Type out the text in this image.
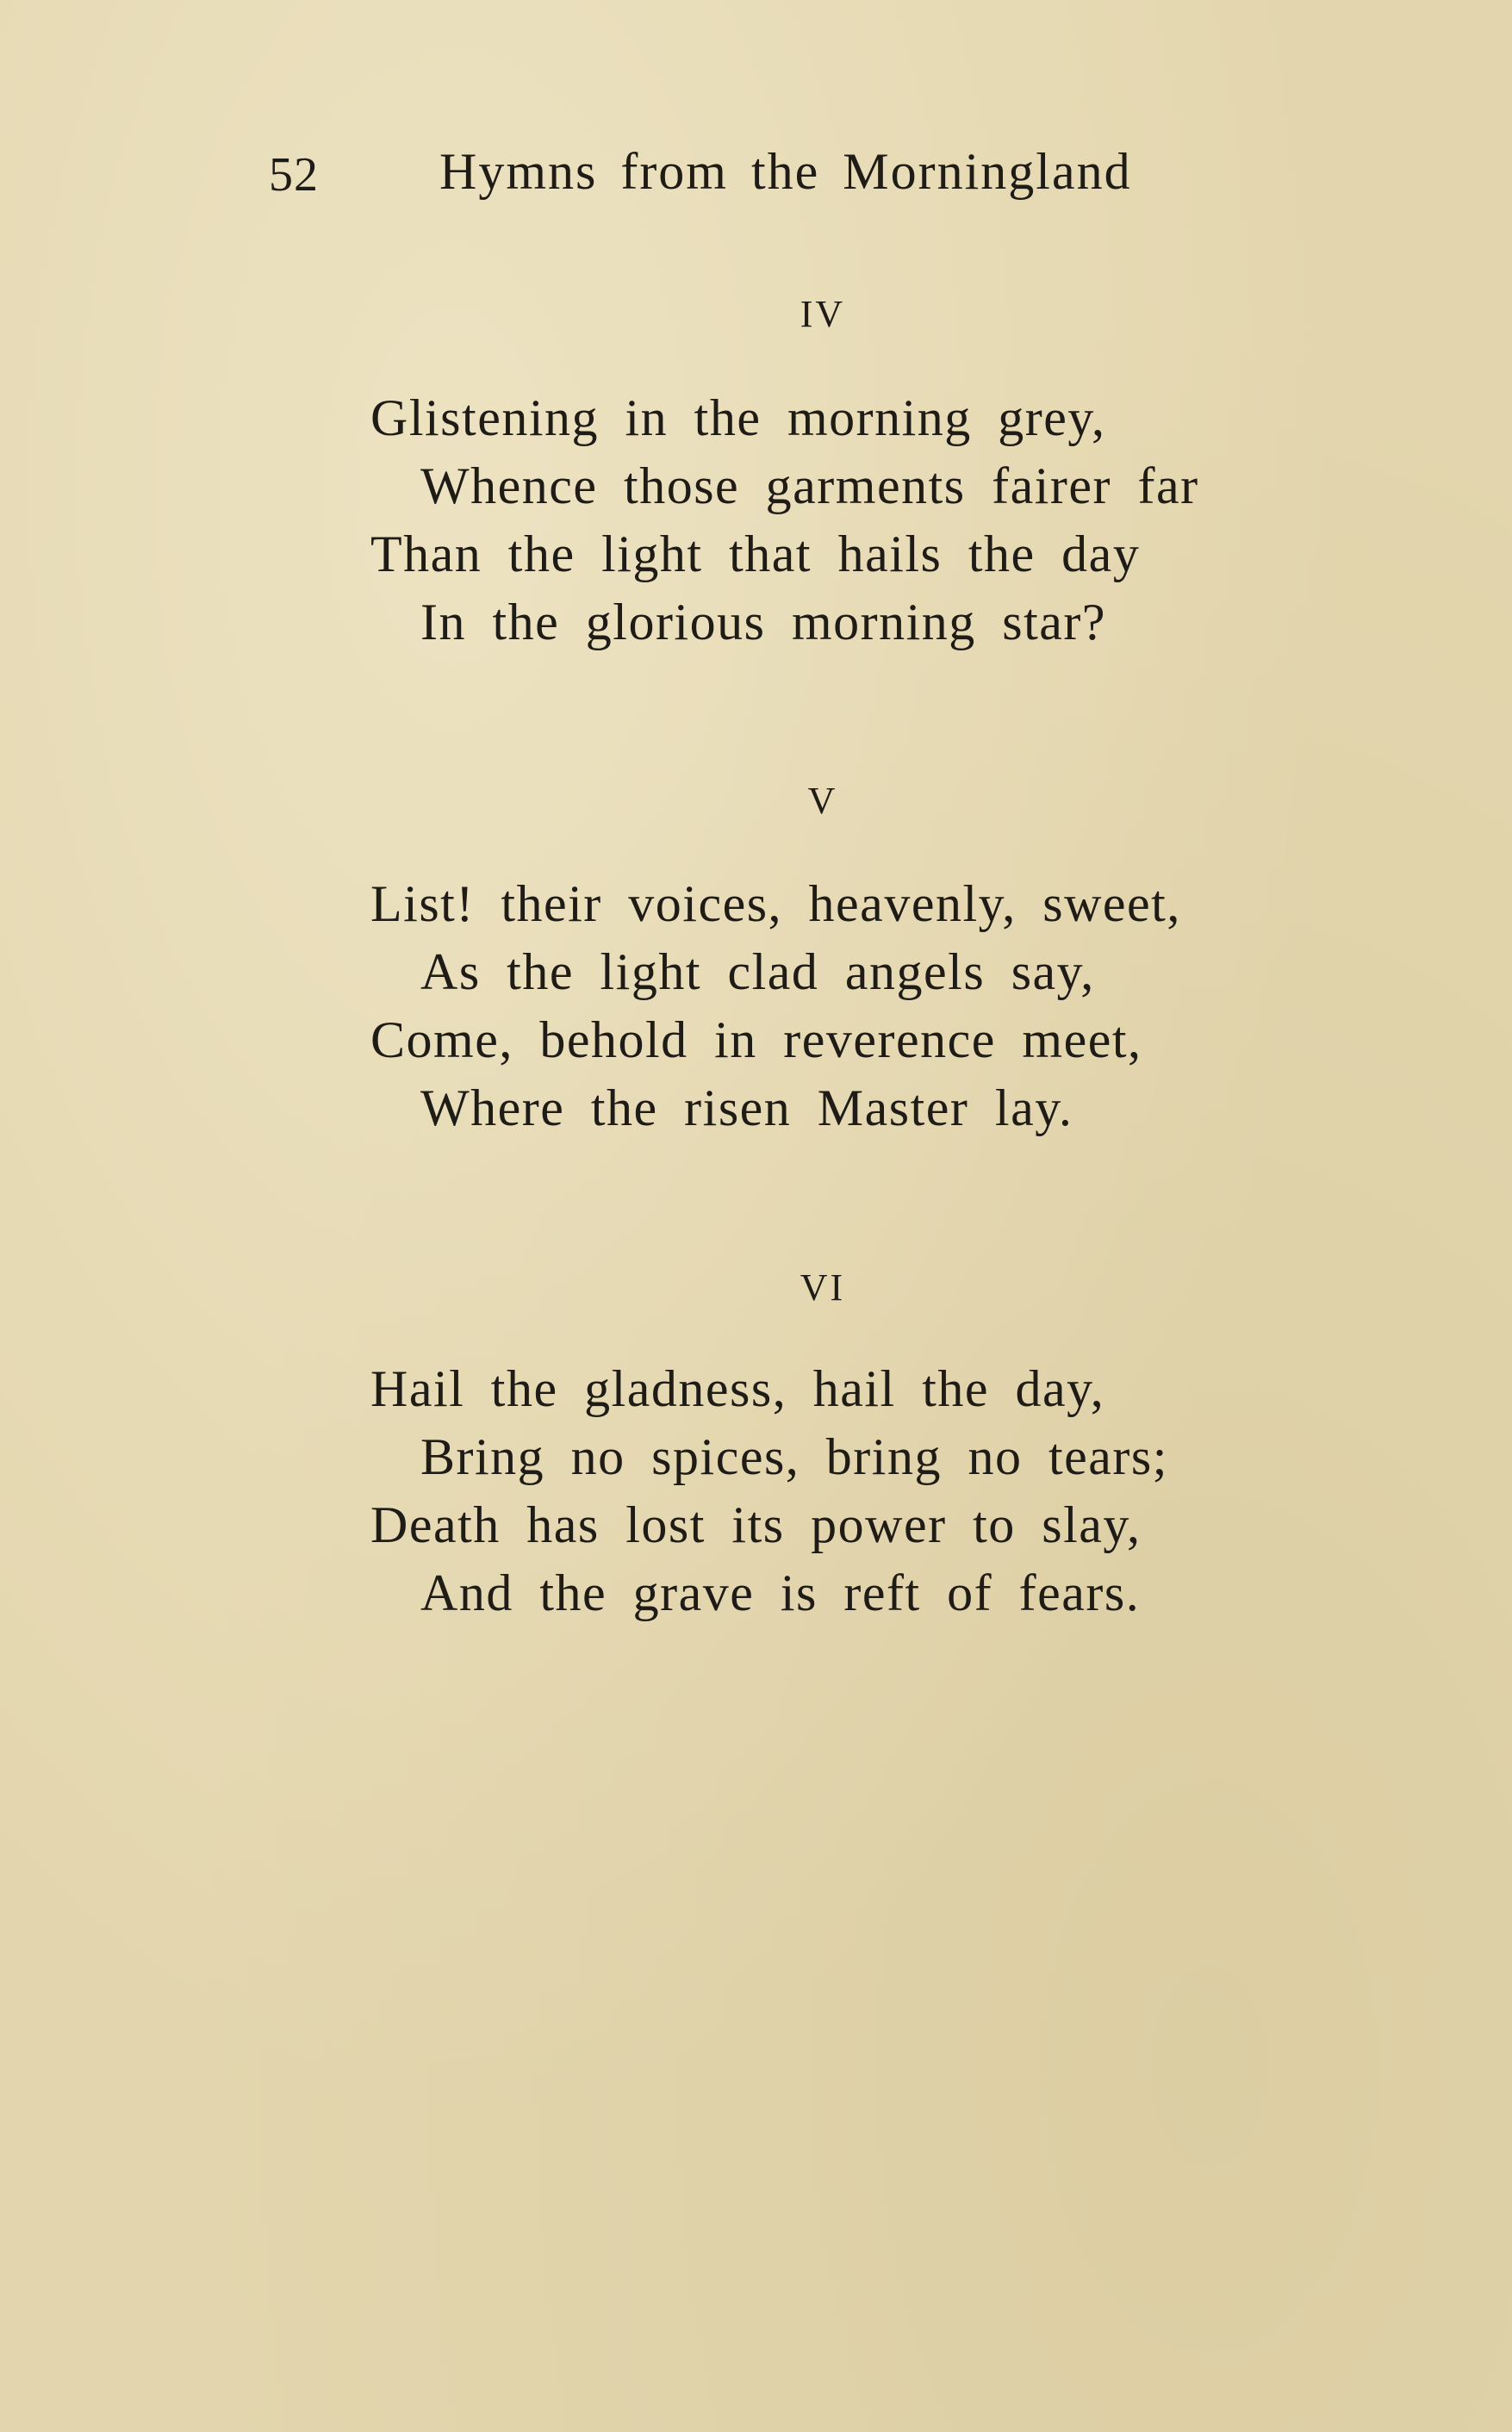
52 Hymns from the Morningland
IV
Glistening in the morning grey,
Whence those garments fairer far
Than the light that hails the day
In the glorious morning star?
V
List! their voices, heavenly, sweet,
As the light clad angels say,
Come, behold in reverence meet,
Where the risen Master lay.
VI
Hail the gladness, hail the day,
Bring no spices, bring no tears;
Death has lost its power to slay,
And the grave is reft of fears.
